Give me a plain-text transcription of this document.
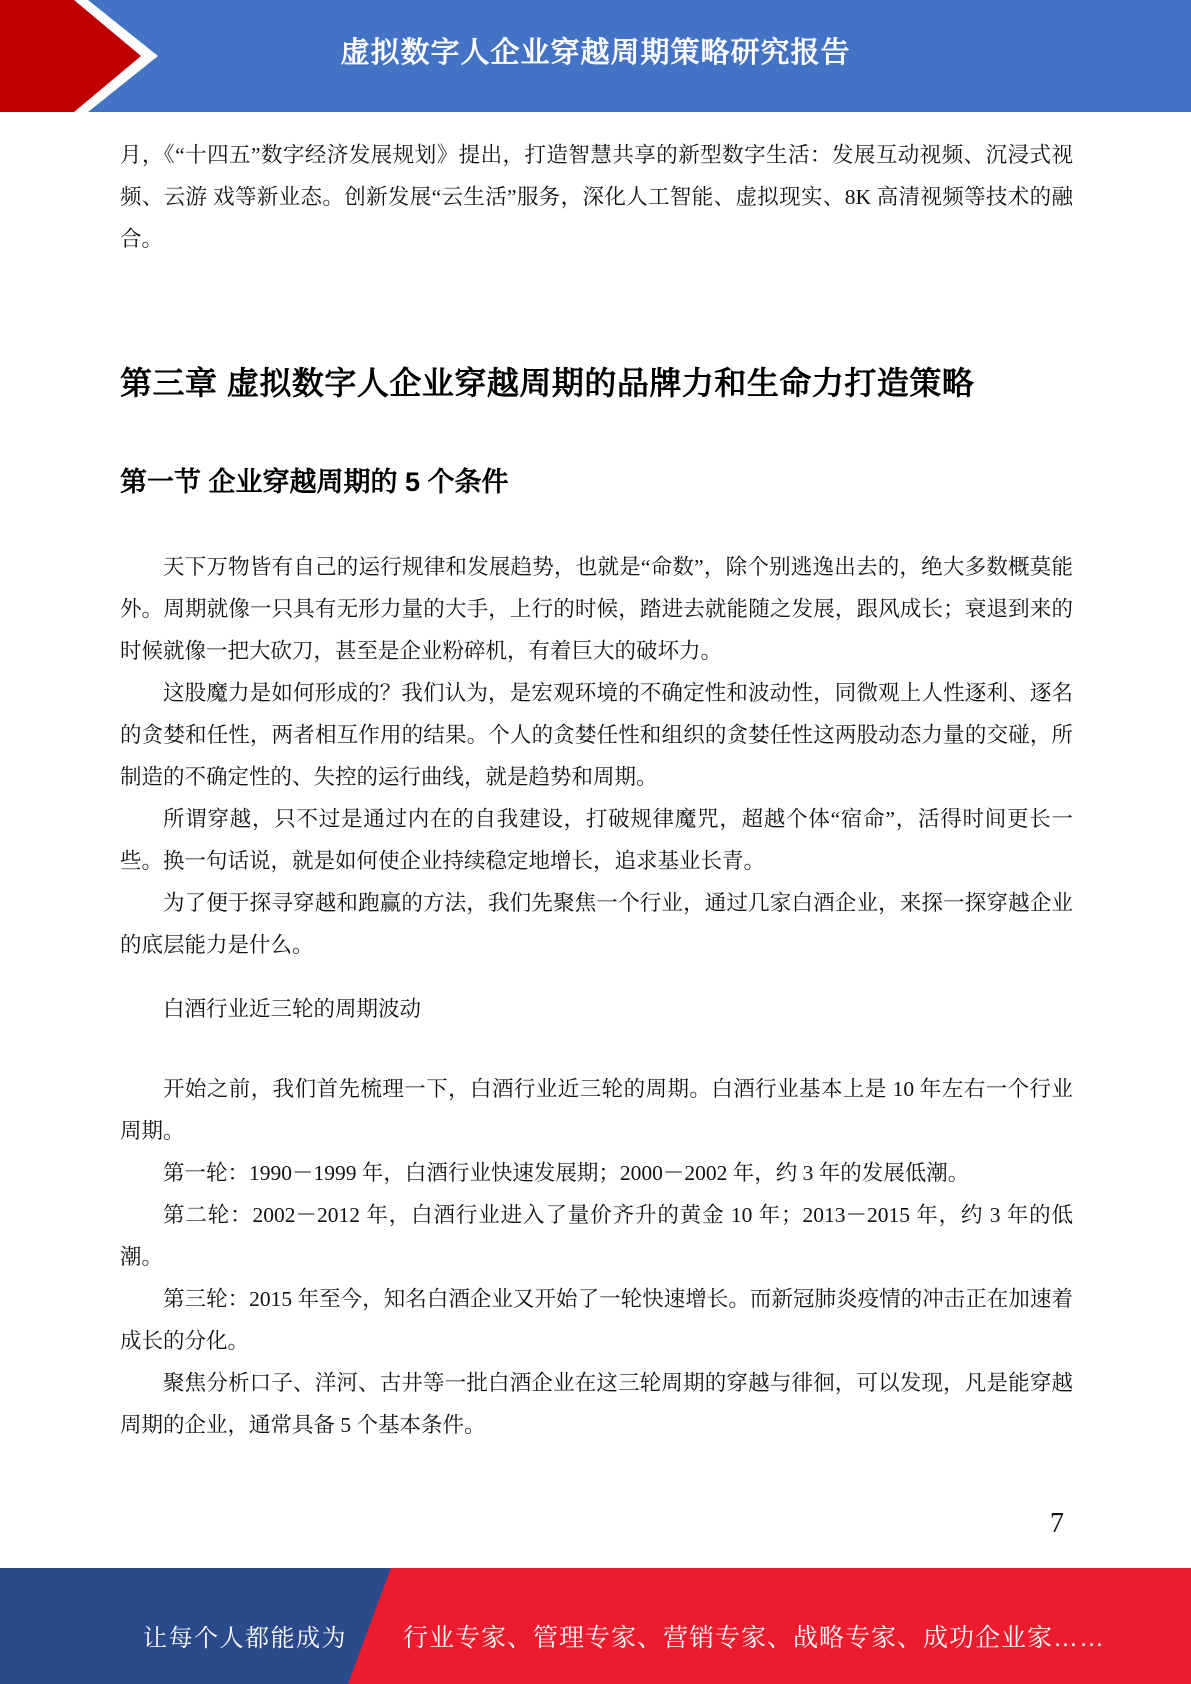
虚拟数字人企业穿越周期策略研究报告

月，《“十四五”数字经济发展规划》提出，打造智慧共享的新型数字生活：发展互动视频、沉浸式视频、云游 戏等新业态。创新发展“云生活”服务，深化人工智能、虚拟现实、8K 高清视频等技术的融合。

第三章 虚拟数字人企业穿越周期的品牌力和生命力打造策略
第一节 企业穿越周期的 5 个条件

天下万物皆有自己的运行规律和发展趋势，也就是“命数”，除个别逃逸出去的，绝大多数概莫能外。周期就像一只具有无形力量的大手，上行的时候，踏进去就能随之发展，跟风成长；衰退到来的时候就像一把大砍刀，甚至是企业粉碎机，有着巨大的破坏力。

这股魔力是如何形成的？我们认为，是宏观环境的不确定性和波动性，同微观上人性逐利、逐名的贪婪和任性，两者相互作用的结果。个人的贪婪任性和组织的贪婪任性这两股动态力量的交碰，所制造的不确定性的、失控的运行曲线，就是趋势和周期。

所谓穿越，只不过是通过内在的自我建设，打破规律魔咒，超越个体“宿命”，活得时间更长一些。换一句话说，就是如何使企业持续稳定地增长，追求基业长青。

为了便于探寻穿越和跑赢的方法，我们先聚焦一个行业，通过几家白酒企业，来探一探穿越企业的底层能力是什么。

白酒行业近三轮的周期波动

开始之前，我们首先梳理一下，白酒行业近三轮的周期。白酒行业基本上是 10 年左右一个行业周期。

第一轮：1990－1999 年，白酒行业快速发展期；2000－2002 年，约 3 年的发展低潮。

第二轮：2002－2012 年，白酒行业进入了量价齐升的黄金 10 年；2013－2015 年，约 3 年的低潮。

第三轮：2015 年至今，知名白酒企业又开始了一轮快速增长。而新冠肺炎疫情的冲击正在加速着成长的分化。

聚焦分析口子、洋河、古井等一批白酒企业在这三轮周期的穿越与徘徊，可以发现，凡是能穿越周期的企业，通常具备 5 个基本条件。

7
让每个人都能成为 行业专家、管理专家、营销专家、战略专家、成功企业家……
